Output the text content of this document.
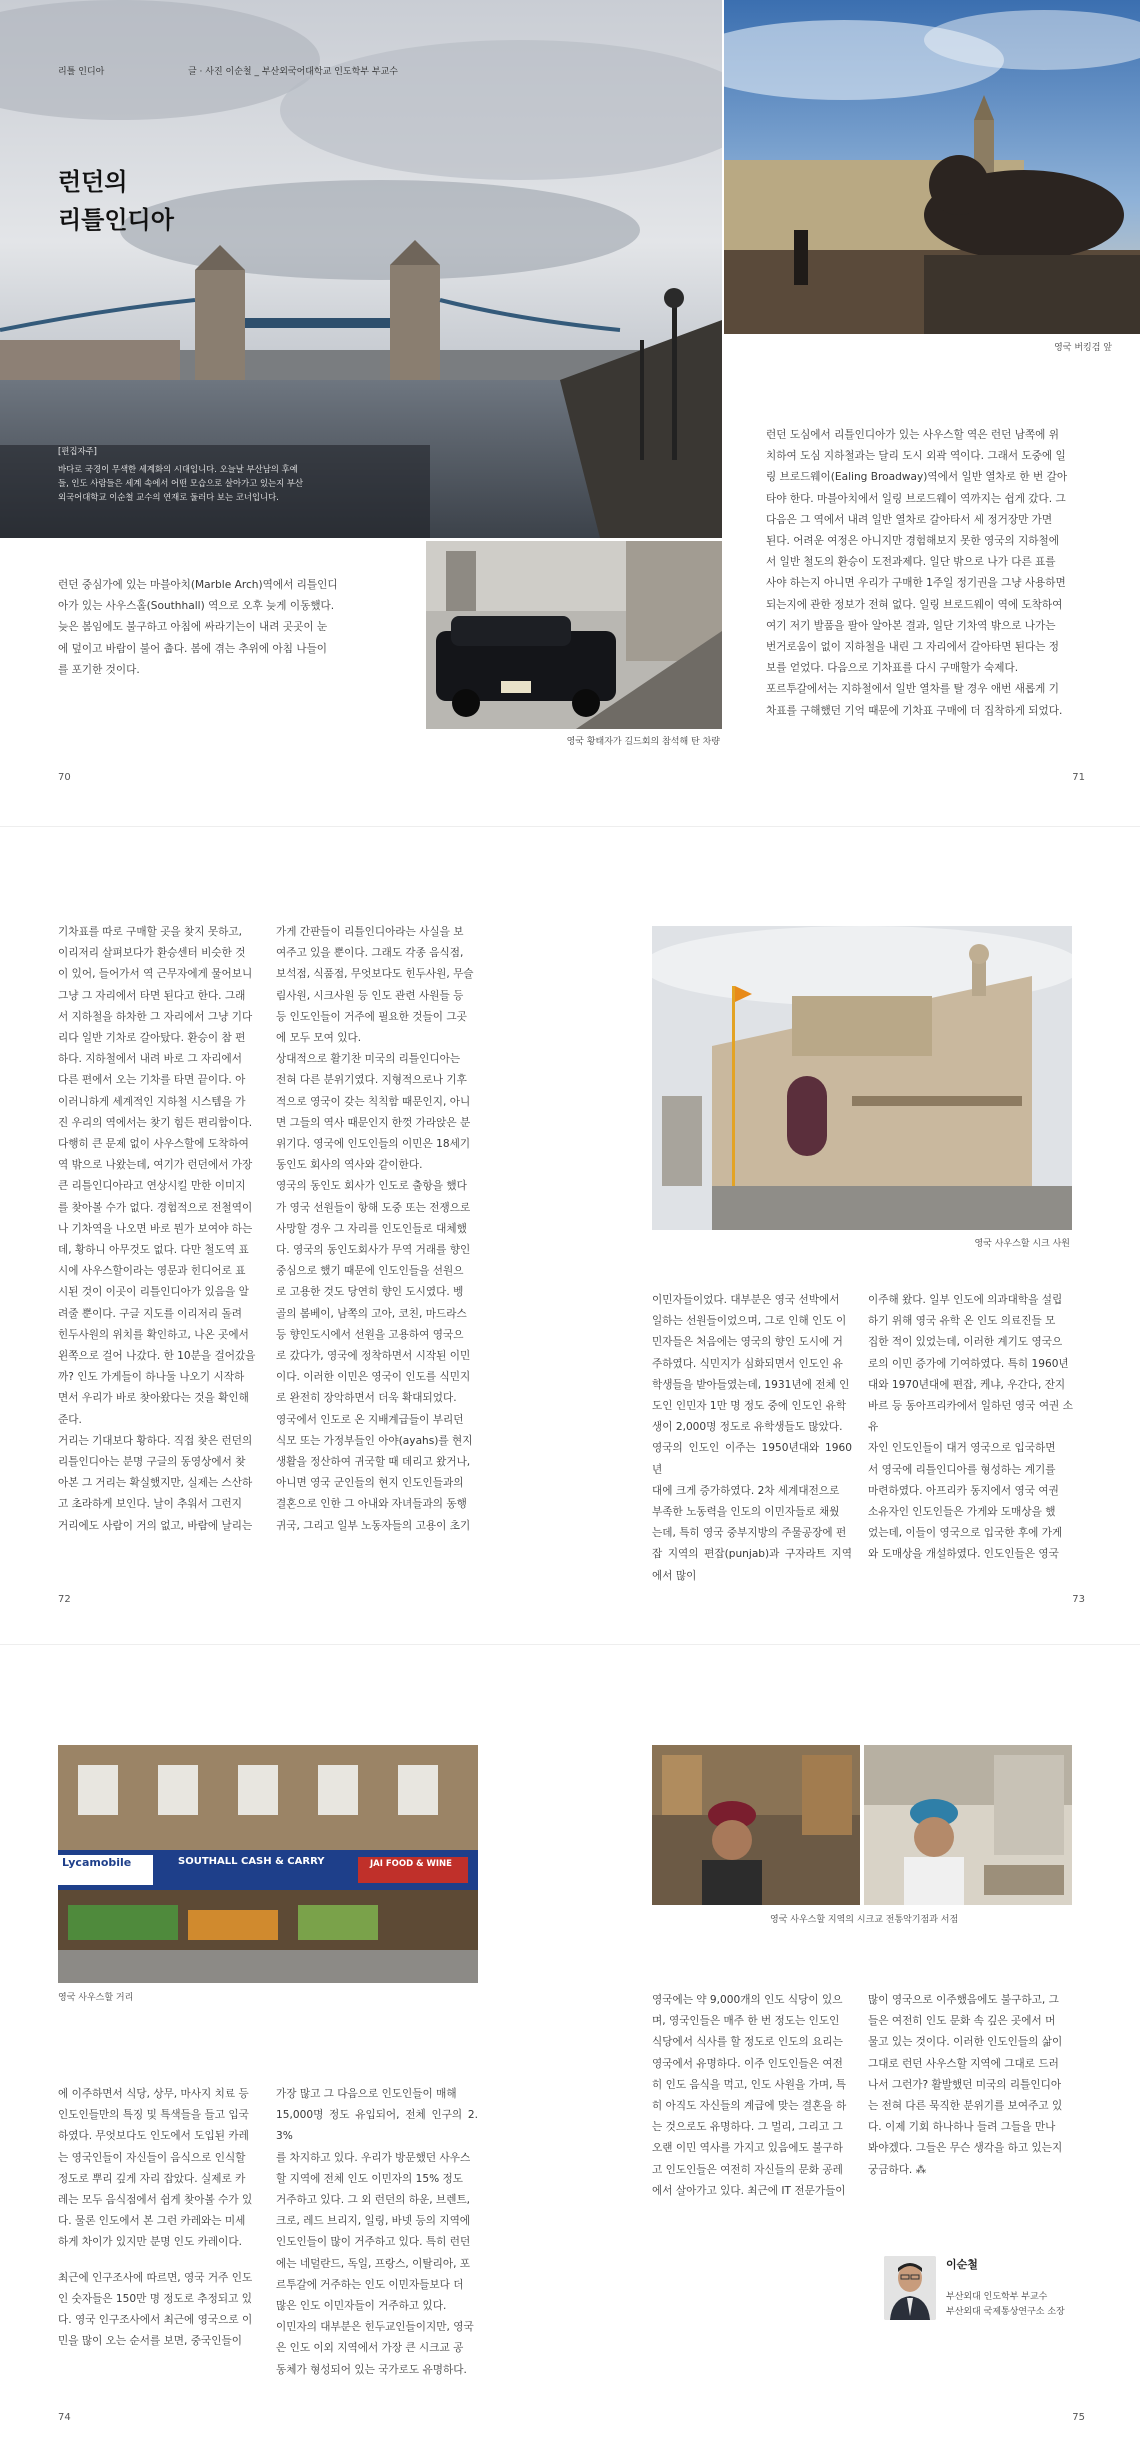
리틀 인디아	글 · 사진 이순철 _ 부산외국어대학교 인도학부 부교수
런던의
리틀인디아
[편집자주]
바다로 국경이 무색한 세계화의 시대입니다. 오늘날 부산남의 후예
들, 인도 사람들은 세계 속에서 어떤 모습으로 살아가고 있는지 부산
외국어대학교 이순철 교수의 연재로 둘러다 보는 코너입니다.
영국 버킹검 앞
런던 중심가에 있는 마블아치(Marble Arch)역에서 리틀인디
아가 있는 사우스홀(Southhall) 역으로 오후 늦게 이동했다.
늦은 봄임에도 불구하고 아침에 싸라기는이 내려 곳곳이 눈
에 덮이고 바람이 불어 춥다. 봄에 겪는 추위에 아침 나들이
를 포기한 것이다.
영국 황태자가 길드회의 참석해 탄 차량
런던 도심에서 리틀인디아가 있는 사우스할 역은 런던 남쪽에 위
치하여 도심 지하철과는 달리 도시 외곽 역이다. 그래서 도중에 일
링 브로드웨이(Ealing Broadway)역에서 일반 열차로 한 번 갈아
타야 한다. 마블아치에서 일링 브로드웨이 역까지는 쉽게 갔다. 그
다음은 그 역에서 내려 일반 열차로 갈아타서 세 정거장만 가면
된다. 어려운 여정은 아니지만 경험해보지 못한 영국의 지하철에
서 일반 철도의 환승이 도전과제다. 일단 밖으로 나가 다른 표를
사야 하는지 아니면 우리가 구매한 1주일 정기권을 그냥 사용하면
되는지에 관한 정보가 전혀 없다. 일링 브로드웨이 역에 도착하여
여기 저기 발품을 팔아 알아본 결과, 일단 기차역 밖으로 나가는
번거로움이 없이 지하철을 내린 그 자리에서 갈아타면 된다는 정
보를 얻었다. 다음으로 기차표를 다시 구매할가 숙제다.
포르투갈에서는 지하철에서 일반 열차를 탈 경우 애번 새롭게 기
차표를 구해했던 기억 때문에 기차표 구매에 더 집착하게 되었다.
70	71
기차표를 따로 구매할 곳을 찾지 못하고,
이리저리 살펴보다가 환승센터 비슷한 것
이 있어, 들어가서 역 근무자에게 물어보니
그냥 그 자리에서 타면 된다고 한다. 그래
서 지하철을 하차한 그 자리에서 그냥 기다
리다 일반 기차로 갈아탔다. 환승이 참 편
하다. 지하철에서 내려 바로 그 자리에서
다른 편에서 오는 기차를 타면 끝이다. 아
이러니하게 세계적인 지하철 시스템을 가
진 우리의 역에서는 찾기 힘든 편리함이다.
다행히 큰 문제 없이 사우스할에 도착하여
역 밖으로 나왔는데, 여기가 런던에서 가장
큰 리틀인디아라고 연상시킬 만한 이미지
를 찾아볼 수가 없다. 경험적으로 전철역이
나 기차역을 나오면 바로 뭔가 보여야 하는
데, 황하니 아무것도 없다. 다만 철도역 표
시에 사우스할이라는 영문과 힌디어로 표
시된 것이 이곳이 리틀인디아가 있음을 알
려줄 뿐이다. 구글 지도를 이리저리 돌려
힌두사원의 위치를 확인하고, 나온 곳에서
왼쪽으로 걸어 나갔다. 한 10분을 걸어갔을
까? 인도 가게들이 하나둘 나오기 시작하
면서 우리가 바로 찾아왔다는 것을 확인해
준다.
거리는 기대보다 황하다. 직접 찾은 런던의
리틀인디아는 분명 구글의 동영상에서 찾
아본 그 거리는 확실했지만, 실제는 스산하
고 초라하게 보인다. 날이 추워서 그런지
거리에도 사람이 거의 없고, 바람에 날리는
가게 간판들이 리틀인디아라는 사실을 보
여주고 있을 뿐이다. 그래도 각종 음식점,
보석점, 식품점, 무엇보다도 힌두사원, 무슬
림사원, 시크사원 등 인도 관련 사원들 등
등 인도인들이 거주에 필요한 것들이 그곳
에 모두 모여 있다.
상대적으로 활기찬 미국의 리틀인디아는
전혀 다른 분위기였다. 지형적으로나 기후
적으로 영국이 갖는 칙칙함 때문인지, 아니
면 그들의 역사 때문인지 한껏 가라앉은 분
위기다. 영국에 인도인들의 이민은 18세기
동인도 회사의 역사와 같이한다.
영국의 동인도 회사가 인도로 출항을 했다
가 영국 선원들이 항해 도중 또는 전쟁으로
사망할 경우 그 자리를 인도인들로 대체했
다. 영국의 동인도회사가 무역 거래를 향인
중심으로 했기 때문에 인도인들을 선원으
로 고용한 것도 당연히 향인 도시였다. 벵
골의 봄베이, 남쪽의 고아, 코친, 마드라스
등 향인도시에서 선원을 고용하여 영국으
로 갔다가, 영국에 정착하면서 시작된 이민
이다. 이러한 이민은 영국이 인도를 식민지
로 완전히 장악하면서 더욱 확대되었다.
영국에서 인도로 온 지배계급들이 부리던
식모 또는 가정부들인 아야(ayahs)를 현지
생활을 정산하여 귀국할 때 데리고 왔거나,
아니면 영국 군인들의 현지 인도인들과의
결혼으로 인한 그 아내와 자녀들과의 동행
귀국, 그리고 일부 노동자들의 고용이 초기
영국 사우스할 시크 사원
이민자들이었다. 대부분은 영국 선박에서
일하는 선원들이었으며, 그로 인해 인도 이
민자들은 처음에는 영국의 향인 도시에 거
주하였다. 식민지가 심화되면서 인도인 유
학생들을 받아들였는데, 1931년에 전체 인
도인 인민자 1만 명 정도 중에 인도인 유학
생이 2,000명 정도로 유학생들도 많았다.
영국의 인도인 이주는 1950년대와 1960년
대에 크게 증가하였다. 2차 세계대전으로
부족한 노동력을 인도의 이민자들로 채웠
는데, 특히 영국 중부지방의 주물공장에 펀
잡 지역의 편잡(punjab)과 구자라트 지역에서 많이
이주해 왔다. 일부 인도에 의과대학을 설립
하기 위해 영국 유학 온 인도 의료진들 모
집한 적이 있었는데, 이러한 계기도 영국으
로의 이민 증가에 기여하였다. 특히 1960년
대와 1970년대에 편잡, 케냐, 우간다, 잔지
바르 등 동아프리카에서 일하던 영국 여권 소유
자인 인도인들이 대거 영국으로 입국하면
서 영국에 리틀인디아를 형성하는 계기를
마련하였다. 아프리카 동지에서 영국 여권
소유자인 인도인들은 가게와 도매상을 했
었는데, 이들이 영국으로 입국한 후에 가게
와 도매상을 개설하였다. 인도인들은 영국
72	73
Lycamobile	SOUTHALL CASH & CARRY	JAI FOOD & WINE
영국 사우스할 거리
영국 사우스할 지역의 시크교 전통악기점과 서점
에 이주하면서 식당, 상무, 마사지 치료 등
인도인들만의 특징 및 특색들을 들고 입국
하였다. 무엇보다도 인도에서 도입된 카레
는 영국인들이 자신들이 음식으로 인식할
정도로 뿌리 깊게 자리 잡았다. 실제로 카
레는 모두 음식점에서 쉽게 찾아볼 수가 있
다. 물론 인도에서 본 그런 카레와는 미세
하게 차이가 있지만 분명 인도 카레이다.
최근에 인구조사에 따르면, 영국 거주 인도
인 숫자들은 150만 명 정도로 추정되고 있
다. 영국 인구조사에서 최근에 영국으로 이
민을 많이 오는 순서를 보면, 중국인들이
가장 많고 그 다음으로 인도인들이 매해
15,000명 정도 유입되어, 전체 인구의 2.3%
를 차지하고 있다. 우리가 방문했던 사우스
할 지역에 전체 인도 이민자의 15% 정도
거주하고 있다. 그 외 런던의 하운, 브렌트,
크로, 레드 브리지, 일링, 바넷 등의 지역에
인도인들이 많이 거주하고 있다. 특히 런던
에는 네덜란드, 독일, 프랑스, 이탈리아, 포
르투갈에 거주하는 인도 이민자들보다 더
많은 인도 이민자들이 거주하고 있다.
이민자의 대부분은 힌두교인들이지만, 영국
은 인도 이외 지역에서 가장 큰 시크교 공
동체가 형성되어 있는 국가로도 유명하다.
영국에는 약 9,000개의 인도 식당이 있으
며, 영국인들은 매주 한 번 정도는 인도인
식당에서 식사를 할 정도로 인도의 요리는
영국에서 유명하다. 이주 인도인들은 여전
히 인도 음식을 먹고, 인도 사원을 가며, 특
히 아직도 자신들의 계급에 맞는 결혼을 하
는 것으로도 유명하다. 그 멀리, 그리고 그
오랜 이민 역사를 가지고 있음에도 불구하
고 인도인들은 여전히 자신들의 문화 공레
에서 살아가고 있다. 최근에 IT 전문가들이
많이 영국으로 이주했음에도 불구하고, 그
들은 여전히 인도 문화 속 깊은 곳에서 머
물고 있는 것이다. 이러한 인도인들의 삶이
그대로 런던 사우스할 지역에 그대로 드러
나서 그런가? 활발했던 미국의 리틀인디아
는 전혀 다른 묵직한 분위기를 보여주고 있
다. 이제 기회 하나하나 들려 그들을 만나
봐야겠다. 그들은 무슨 생각을 하고 있는지
궁금하다. ⁂
이순철
부산외대 인도학부 부교수
부산외대 국제통상연구소 소장
74	75
